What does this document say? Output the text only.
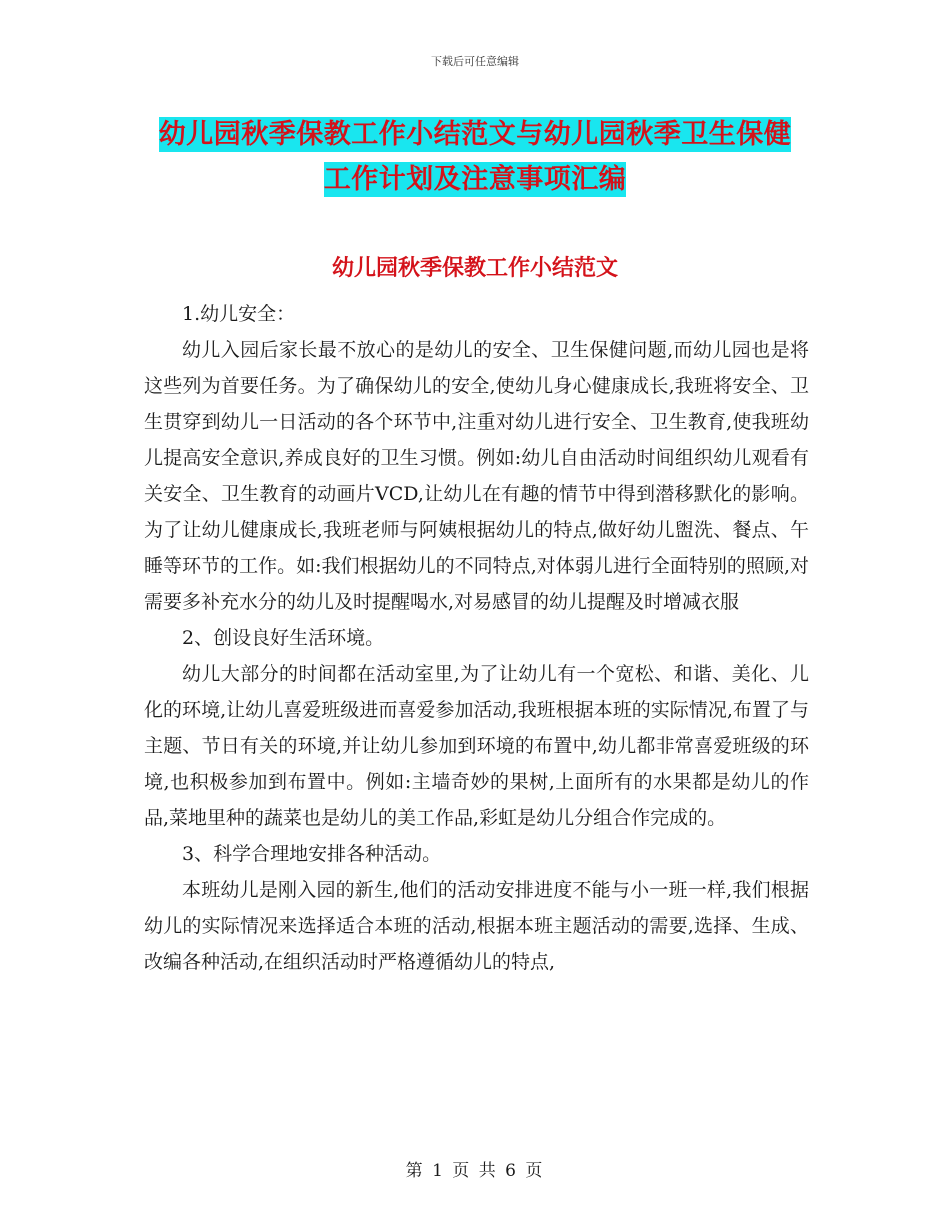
下载后可任意编辑
幼儿园秋季保教工作小结范文与幼儿园秋季卫生保健
工作计划及注意事项汇编
幼儿园秋季保教工作小结范文

1.幼儿安全：

幼儿入园后家长最不放心的是幼儿的安全、卫生保健问题,而幼儿园也是将这些列为首要任务。为了确保幼儿的安全,使幼儿身心健康成长,我班将安全、卫生贯穿到幼儿一日活动的各个环节中,注重对幼儿进行安全、卫生教育,使我班幼儿提高安全意识,养成良好的卫生习惯。例如:幼儿自由活动时间组织幼儿观看有关安全、卫生教育的动画片VCD,让幼儿在有趣的情节中得到潜移默化的影响。为了让幼儿健康成长,我班老师与阿姨根据幼儿的特点,做好幼儿盥洗、餐点、午睡等环节的工作。如:我们根据幼儿的不同特点,对体弱儿进行全面特别的照顾,对需要多补充水分的幼儿及时提醒喝水,对易感冒的幼儿提醒及时增减衣服

2、创设良好生活环境。

幼儿大部分的时间都在活动室里,为了让幼儿有一个宽松、和谐、美化、儿化的环境,让幼儿喜爱班级进而喜爱参加活动,我班根据本班的实际情况,布置了与主题、节日有关的环境,并让幼儿参加到环境的布置中,幼儿都非常喜爱班级的环境,也积极参加到布置中。例如:主墙奇妙的果树,上面所有的水果都是幼儿的作品,菜地里种的蔬菜也是幼儿的美工作品,彩虹是幼儿分组合作完成的。

3、科学合理地安排各种活动。

本班幼儿是刚入园的新生,他们的活动安排进度不能与小一班一样,我们根据幼儿的实际情况来选择适合本班的活动,根据本班主题活动的需要,选择、生成、改编各种活动,在组织活动时严格遵循幼儿的特点,

第 1 页 共 6 页
